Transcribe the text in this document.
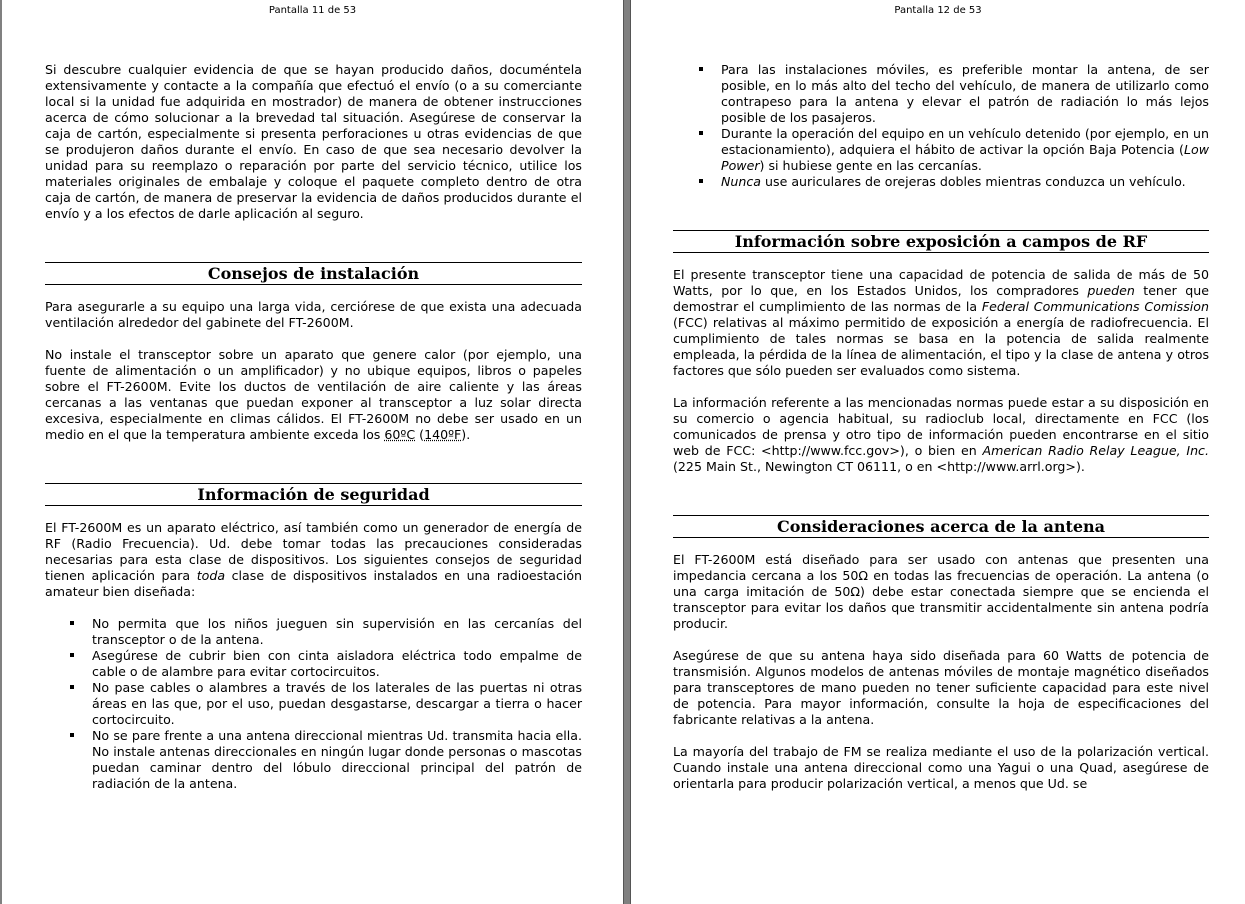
Pantalla 11 de 53

Si descubre cualquier evidencia de que se hayan producido daños, documéntela extensivamente y contacte a la compañía que efectuó el envío (o a su comerciante local si la unidad fue adquirida en mostrador) de manera de obtener instrucciones acerca de cómo solucionar a la brevedad tal situación. Asegúrese de conservar la caja de cartón, especialmente si presenta perforaciones u otras evidencias de que se produjeron daños durante el envío. En caso de que sea necesario devolver la unidad para su reemplazo o reparación por parte del servicio técnico, utilice los materiales originales de embalaje y coloque el paquete completo dentro de otra caja de cartón, de manera de preservar la evidencia de daños producidos durante el envío y a los efectos de darle aplicación al seguro.

Consejos de instalación

Para asegurarle a su equipo una larga vida, cerciórese de que exista una adecuada ventilación alrededor del gabinete del FT-2600M.

No instale el transceptor sobre un aparato que genere calor (por ejemplo, una fuente de alimentación o un amplificador) y no ubique equipos, libros o papeles sobre el FT-2600M. Evite los ductos de ventilación de aire caliente y las áreas cercanas a las ventanas que puedan exponer al transceptor a luz solar directa excesiva, especialmente en climas cálidos. El FT-2600M no debe ser usado en un medio en el que la temperatura ambiente exceda los 60ºC (140ºF).

Información de seguridad

El FT-2600M es un aparato eléctrico, así también como un generador de energía de RF (Radio Frecuencia). Ud. debe tomar todas las precauciones consideradas necesarias para esta clase de dispositivos. Los siguientes consejos de seguridad tienen aplicación para toda clase de dispositivos instalados en una radioestación amateur bien diseñada:

No permita que los niños jueguen sin supervisión en las cercanías del transceptor o de la antena.
Asegúrese de cubrir bien con cinta aisladora eléctrica todo empalme de cable o de alambre para evitar cortocircuitos.
No pase cables o alambres a través de los laterales de las puertas ni otras áreas en las que, por el uso, puedan desgastarse, descargar a tierra o hacer cortocircuito.
No se pare frente a una antena direccional mientras Ud. transmita hacia ella. No instale antenas direccionales en ningún lugar donde personas o mascotas puedan caminar dentro del lóbulo direccional principal del patrón de radiación de la antena.
Pantalla 12 de 53
Para las instalaciones móviles, es preferible montar la antena, de ser posible, en lo más alto del techo del vehículo, de manera de utilizarlo como contrapeso para la antena y elevar el patrón de radiación lo más lejos posible de los pasajeros.
Durante la operación del equipo en un vehículo detenido (por ejemplo, en un estacionamiento), adquiera el hábito de activar la opción Baja Potencia (Low Power) si hubiese gente en las cercanías.
Nunca use auriculares de orejeras dobles mientras conduzca un vehículo.
Información sobre exposición a campos de RF

El presente transceptor tiene una capacidad de potencia de salida de más de 50 Watts, por lo que, en los Estados Unidos, los compradores pueden tener que demostrar el cumplimiento de las normas de la Federal Communications Comission (FCC) relativas al máximo permitido de exposición a energía de radiofrecuencia. El cumplimiento de tales normas se basa en la potencia de salida realmente empleada, la pérdida de la línea de alimentación, el tipo y la clase de antena y otros factores que sólo pueden ser evaluados como sistema.

La información referente a las mencionadas normas puede estar a su disposición en su comercio o agencia habitual, su radioclub local, directamente en FCC (los comunicados de prensa y otro tipo de información pueden encontrarse en el sitio web de FCC: <http://www.fcc.gov>), o bien en American Radio Relay League, Inc. (225 Main St., Newington CT 06111, o en <http://www.arrl.org>).

Consideraciones acerca de la antena

El FT-2600M está diseñado para ser usado con antenas que presenten una impedancia cercana a los 50Ω en todas las frecuencias de operación. La antena (o una carga imitación de 50Ω) debe estar conectada siempre que se encienda el transceptor para evitar los daños que transmitir accidentalmente sin antena podría producir.

Asegúrese de que su antena haya sido diseñada para 60 Watts de potencia de transmisión. Algunos modelos de antenas móviles de montaje magnético diseñados para transceptores de mano pueden no tener suficiente capacidad para este nivel de potencia. Para mayor información, consulte la hoja de especificaciones del fabricante relativas a la antena.

La mayoría del trabajo de FM se realiza mediante el uso de la polarización vertical. Cuando instale una antena direccional como una Yagui o una Quad, asegúrese de orientarla para producir polarización vertical, a menos que Ud. se
